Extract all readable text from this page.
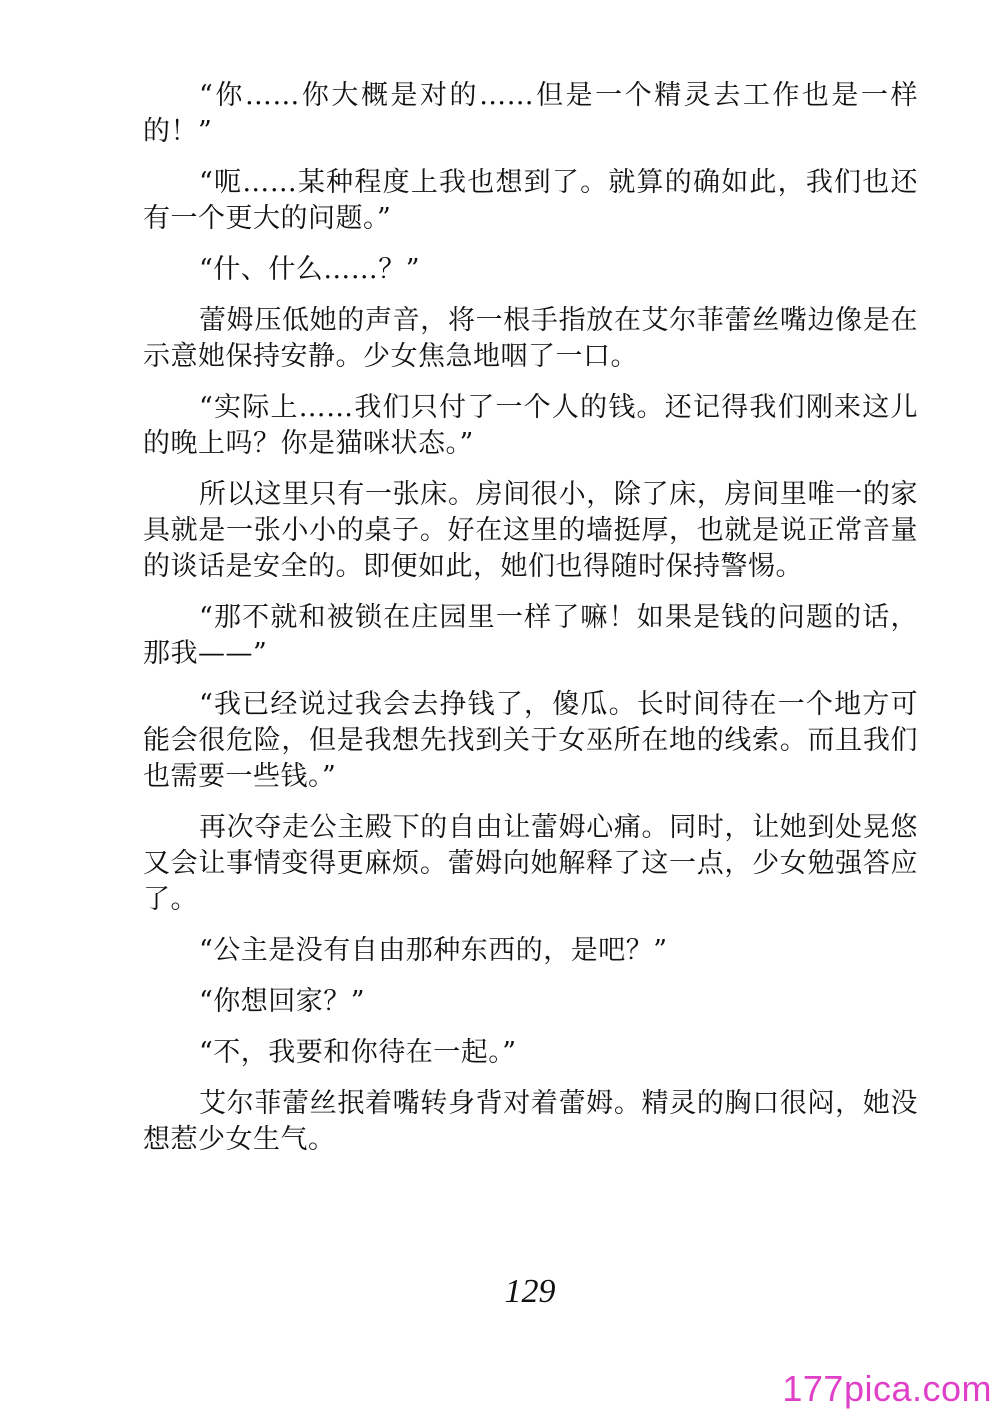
“你……你大概是对的……但是一个精灵去工作也是一样的！”

“呃……某种程度上我也想到了。就算的确如此，我们也还有一个更大的问题。”

“什、什么……？”

蕾姆压低她的声音，将一根手指放在艾尔菲蕾丝嘴边像是在示意她保持安静。少女焦急地咽了一口。

“实际上……我们只付了一个人的钱。还记得我们刚来这儿的晚上吗？你是猫咪状态。”

所以这里只有一张床。房间很小，除了床，房间里唯一的家具就是一张小小的桌子。好在这里的墙挺厚，也就是说正常音量的谈话是安全的。即便如此，她们也得随时保持警惕。

“那不就和被锁在庄园里一样了嘛！如果是钱的问题的话，那我——”

“我已经说过我会去挣钱了，傻瓜。长时间待在一个地方可能会很危险，但是我想先找到关于女巫所在地的线索。而且我们也需要一些钱。”

再次夺走公主殿下的自由让蕾姆心痛。同时，让她到处晃悠又会让事情变得更麻烦。蕾姆向她解释了这一点，少女勉强答应了。

“公主是没有自由那种东西的，是吧？”

“你想回家？”

“不，我要和你待在一起。”

艾尔菲蕾丝抿着嘴转身背对着蕾姆。精灵的胸口很闷，她没想惹少女生气。

129
177pica.com
